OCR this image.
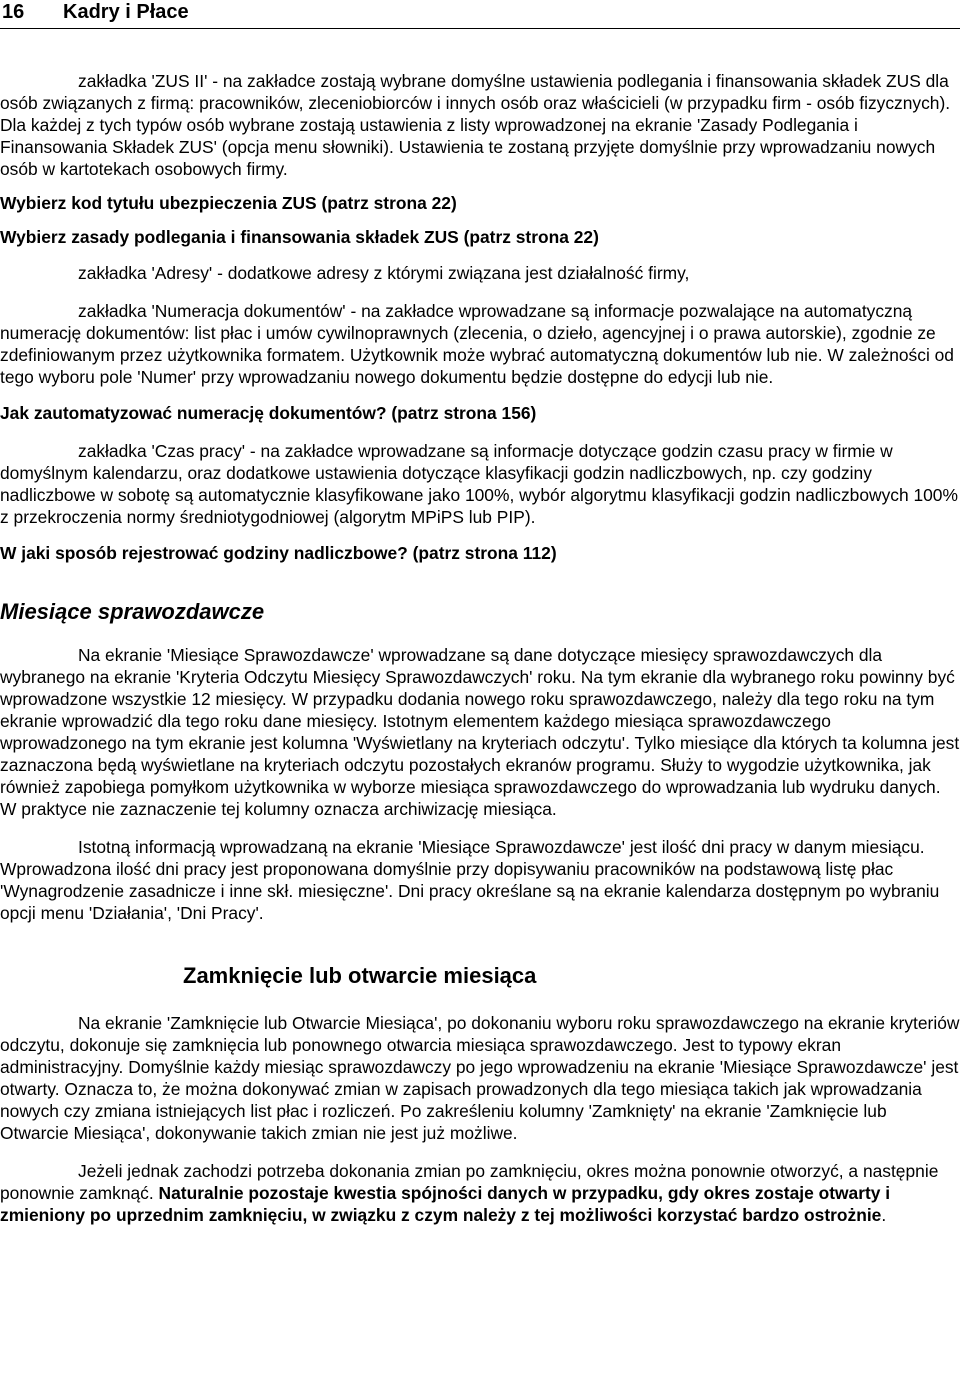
16 Kadry i Płace

zakładka 'ZUS II' - na zakładce zostają wybrane domyślne ustawienia podlegania i finansowania składek ZUS dla osób związanych z firmą: pracowników, zleceniobiorców i innych osób oraz właścicieli (w przypadku firm - osób fizycznych). Dla każdej z tych typów osób wybrane zostają ustawienia z listy wprowadzonej na ekranie 'Zasady Podlegania i Finansowania Składek ZUS' (opcja menu słowniki). Ustawienia te zostaną przyjęte domyślnie przy wprowadzaniu nowych osób w kartotekach osobowych firmy.

Wybierz kod tytułu ubezpieczenia ZUS (patrz strona 22)

Wybierz zasady podlegania i finansowania składek ZUS (patrz strona 22)

zakładka 'Adresy' - dodatkowe adresy z którymi związana jest działalność firmy,

zakładka 'Numeracja dokumentów' - na zakładce wprowadzane są informacje pozwalające na automatyczną numerację dokumentów: list płac i umów cywilnoprawnych (zlecenia, o dzieło, agencyjnej i o prawa autorskie), zgodnie ze zdefiniowanym przez użytkownika formatem. Użytkownik może wybrać automatyczną dokumentów lub nie. W zależności od tego wyboru pole 'Numer' przy wprowadzaniu nowego dokumentu będzie dostępne do edycji lub nie.

Jak zautomatyzować numerację dokumentów? (patrz strona 156)

zakładka 'Czas pracy' - na zakładce wprowadzane są informacje dotyczące godzin czasu pracy w firmie w domyślnym kalendarzu, oraz dodatkowe ustawienia dotyczące klasyfikacji godzin nadliczbowych, np. czy godziny nadliczbowe w sobotę są automatycznie klasyfikowane jako 100%, wybór algorytmu klasyfikacji godzin nadliczbowych 100% z przekroczenia normy średniotygodniowej (algorytm MPiPS lub PIP).

W jaki sposób rejestrować godziny nadliczbowe? (patrz strona 112)

Miesiące sprawozdawcze

Na ekranie 'Miesiące Sprawozdawcze' wprowadzane są dane dotyczące miesięcy sprawozdawczych dla wybranego na ekranie 'Kryteria Odczytu Miesięcy Sprawozdawczych' roku. Na tym ekranie dla wybranego roku powinny być wprowadzone wszystkie 12 miesięcy. W przypadku dodania nowego roku sprawozdawczego, należy dla tego roku na tym ekranie wprowadzić dla tego roku dane miesięcy. Istotnym elementem każdego miesiąca sprawozdawczego wprowadzonego na tym ekranie jest kolumna 'Wyświetlany na kryteriach odczytu'. Tylko miesiące dla których ta kolumna jest zaznaczona będą wyświetlane na kryteriach odczytu pozostałych ekranów programu. Służy to wygodzie użytkownika, jak również zapobiega pomyłkom użytkownika w wyborze miesiąca sprawozdawczego do wprowadzania lub wydruku danych. W praktyce nie zaznaczenie tej kolumny oznacza archiwizację miesiąca.

Istotną informacją wprowadzaną na ekranie 'Miesiące Sprawozdawcze' jest ilość dni pracy w danym miesiącu. Wprowadzona ilość dni pracy jest proponowana domyślnie przy dopisywaniu pracowników na podstawową listę płac 'Wynagrodzenie zasadnicze i inne skł. miesięczne'. Dni pracy określane są na ekranie kalendarza dostępnym po wybraniu opcji menu 'Działania', 'Dni Pracy'.

Zamknięcie lub otwarcie miesiąca

Na ekranie 'Zamknięcie lub Otwarcie Miesiąca', po dokonaniu wyboru roku sprawozdawczego na ekranie kryteriów odczytu, dokonuje się zamknięcia lub ponownego otwarcia miesiąca sprawozdawczego. Jest to typowy ekran administracyjny. Domyślnie każdy miesiąc sprawozdawczy po jego wprowadzeniu na ekranie 'Miesiące Sprawozdawcze' jest otwarty. Oznacza to, że można dokonywać zmian w zapisach prowadzonych dla tego miesiąca takich jak wprowadzania nowych czy zmiana istniejących list płac i rozliczeń. Po zakreśleniu kolumny 'Zamknięty' na ekranie 'Zamknięcie lub Otwarcie Miesiąca', dokonywanie takich zmian nie jest już możliwe.

Jeżeli jednak zachodzi potrzeba dokonania zmian po zamknięciu, okres można ponownie otworzyć, a następnie ponownie zamknąć. Naturalnie pozostaje kwestia spójności danych w przypadku, gdy okres zostaje otwarty i zmieniony po uprzednim zamknięciu, w związku z czym należy z tej możliwości korzystać bardzo ostrożnie.
